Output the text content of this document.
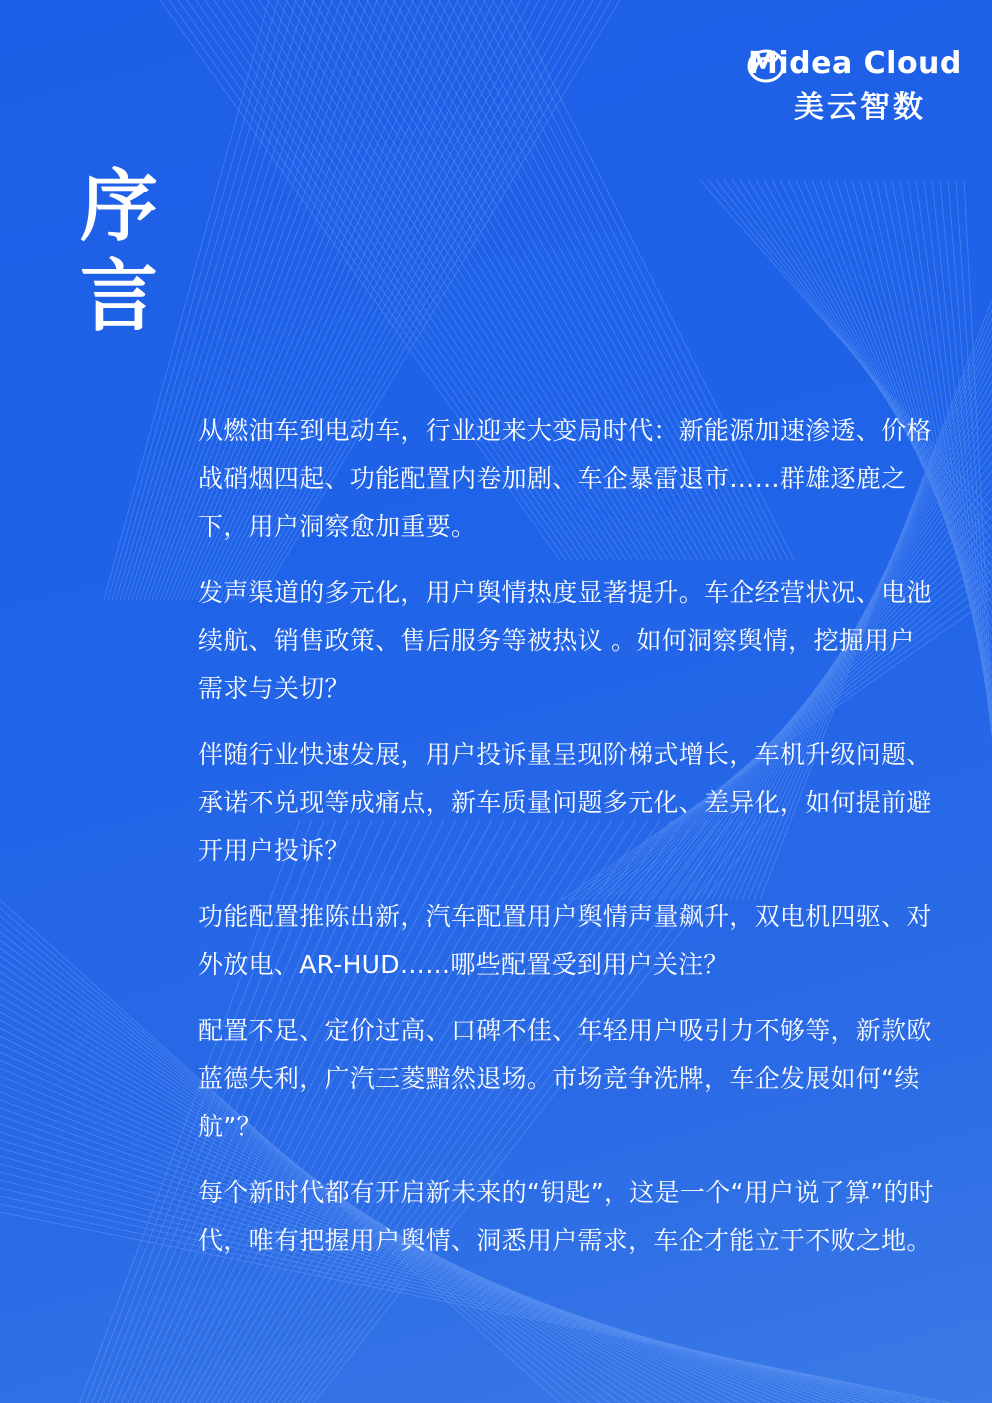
Midea Cloud
美云智数
序言

从燃油车到电动车，行业迎来大变局时代：新能源加速渗透、价格战硝烟四起、功能配置内卷加剧、车企暴雷退市……群雄逐鹿之下，用户洞察愈加重要。

发声渠道的多元化，用户舆情热度显著提升。车企经营状况、电池续航、销售政策、售后服务等被热议 。如何洞察舆情，挖掘用户需求与关切？

伴随行业快速发展，用户投诉量呈现阶梯式增长，车机升级问题、承诺不兑现等成痛点，新车质量问题多元化、差异化，如何提前避开用户投诉？

功能配置推陈出新，汽车配置用户舆情声量飙升，双电机四驱、对外放电、AR-HUD……哪些配置受到用户关注？

配置不足、定价过高、口碑不佳、年轻用户吸引力不够等，新款欧蓝德失利，广汽三菱黯然退场。市场竞争洗牌，车企发展如何“续航”？

每个新时代都有开启新未来的“钥匙”，这是一个“用户说了算”的时代，唯有把握用户舆情、洞悉用户需求，车企才能立于不败之地。
